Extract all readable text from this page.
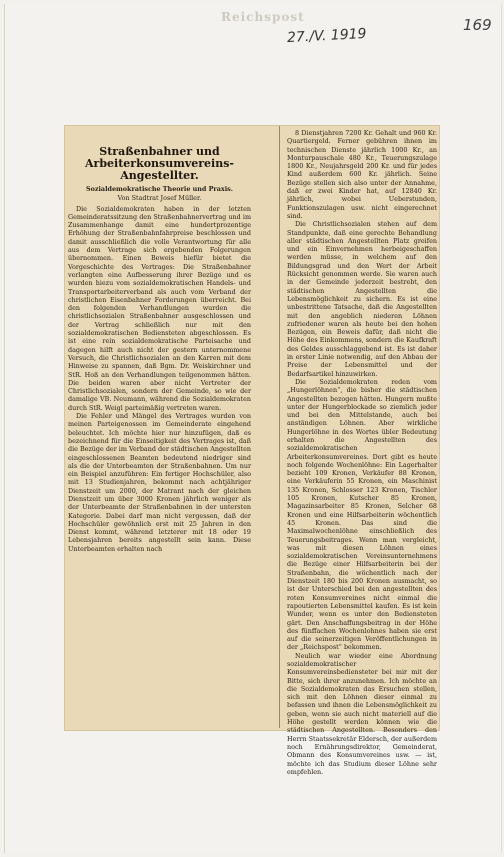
Reichspost
27./V. 1919
169
Straßenbahner und Arbeiterkonsumvereins-Angestellter.

Sozialdemokratische Theorie und Praxis.

Von Stadtrat Josef Müller.

Die Sozialdemokraten haben in der letzten Gemeinderatssitzung den Straßenbahnervertrag und im Zusammenhange damit eine hundertprozentige Erhöhung der Straßenbahnfahrpreise beschlossen und damit ausschließlich die volle Verantwortung für alle aus dem Vertrage sich ergebenden Folgerungen übernommen. Einen Beweis hiefür bietet die Vorgeschichte des Vertrages: Die Straßenbahner verlangten eine Aufbesserung ihrer Bezüge und es wurden hiezu vom sozialdemokratischen Handels- und Transportarbeiterverband als auch vom Verband der christlichen Eisenbahner Forderungen überreicht. Bei den folgenden Verhandlungen wurden die christlichsozialen Straßenbahner ausgeschlossen und der Vertrag schließlich nur mit den sozialdemokratischen Bediensteten abgeschlossen. Es ist eine rein sozialdemokratische Parteisache und dagegen hilft auch nicht der gestern unternommene Versuch, die Christlichsozialen an den Karren mit dem Hinweise zu spannen, daß Bgm. Dr. Weiskirchner und StR. Hoß an den Verhandlungen teilgenommen hätten. Die beiden waren aber nicht Vertreter der Christlichsozialen, sondern der Gemeinde, so wie der damalige VB. Neumann, während die Sozialdemokraten durch StR. Weigl parteimäßig vertreten waren.

Die Fehler und Mängel des Vertrages wurden von meinen Parteigenossen im Gemeinderate eingehend beleuchtet. Ich möchte hier nur hinzufügen, daß es bezeichnend für die Einseitigkeit des Vertrages ist, daß die Bezüge der im Verband der städtischen Angestellten eingeschlossenen Beamten bedeutend niedriger sind als die der Unterbeamten der Straßenbahnen. Um nur ein Beispiel anzuführen: Ein fertiger Hochschüler, also mit 13 Studienjahren, bekommt nach achtjähriger Dienstzeit um 2000, der Matrant nach der gleichen Dienstzeit um über 3000 Kronen jährlich weniger als der Unterbeamte der Straßenbahnen in der untersten Kategorie. Dabei darf man nicht vergessen, daß der Hochschüler gewöhnlich erst mit 25 Jahren in den Dienst kommt, während letzterer mit 18 oder 19 Lebensjahren bereits angestellt sein kann. Diese Unterbeamten erhalten nach

8 Dienstjahren 7200 Kr. Gehalt und 960 Kr. Quartiergeld. Ferner gebühren ihnen im technischen Dienste jährlich 1000 Kr., an Monturpauschale 480 Kr., Teuerungszulage 1800 Kr., Neujahrsgeld 200 Kr. und für jedes Kind außerdem 600 Kr. jährlich. Seine Bezüge stellen sich also unter der Annahme, daß er zwei Kinder hat, auf 12840 Kr. jährlich, wobei Ueberstunden, Funktionszulagen usw. nicht eingerechnet sind.

Die Christlichsozialen stehen auf dem Standpunkte, daß eine gerechte Behandlung aller städtischen Angestellten Platz greifen und ein Einvernehmen herbeigeschaffen werden müsse, in welchem auf den Bildungsgrad und den Wert der Arbeit Rücksicht genommen werde. Sie waren auch in der Gemeinde jederzeit bestrebt, den städtischen Angestellten die Lebensmöglichkeit zu sichern. Es ist eine unbestrittene Tatsache, daß die Angestellten mit den angeblich niederen Löhnen zufriedener waren als heute bei den hohen Bezügen, ein Beweis dafür, daß nicht die Höhe des Einkommens, sondern die Kaufkraft des Geldes ausschlaggebend ist. Es ist daher in erster Linie notwendig, auf den Abbau der Preise der Lebensmittel und der Bedarfsartikel hinzuwirken.

Die Sozialdemokraten reden vom „Hungerlöhnen“, die bisher die städtischen Angestellten bezogen hätten. Hungern mußte unter der Hungerblockade so ziemlich jeder und bei den Mittelstande, auch bei anständigen Löhnen. Aber wirkliche Hungerlöhne in des Wortes übler Bedeutung erhalten die Angestellten des sozialdemokratischen Arbeiterkonsumvereines. Dort gibt es heute noch folgende Wochenlöhne: Ein Lagerhalter bezieht 109 Kronen, Verkäufer 88 Kronen, eine Verkäuferin 55 Kronen, ein Maschinist 135 Kronen, Schlosser 123 Kronen, Tischler 105 Kronen, Kutscher 85 Kronen, Magazinsarbeiter 85 Kronen, Selcher 68 Kronen und eine Hilfsarbeiterin wöchentlich 45 Kronen. Das sind die Maximalwochenlöhne einschließlich des Teuerungsbeitrages. Wenn man vergleicht, was mit diesen Löhnen eines sozialdemokratischen Vereinsunternehmens die Bezüge einer Hilfsarbeiterin bei der Straßenbahn, die wöchentlich nach der Dienstzeit 180 bis 200 Kronen ausmacht, so ist der Unterschied bei den angestellten des roten Konsumvereines nicht einmal die rapoutierten Lebensmittel kaufen. Es ist kein Wunder, wenn es unter den Bediensteten gärt. Den Anschaffungsbeitrag in der Höhe des fünffachen Wochenlohnes haben sie erst auf die seinerzeitigen Veröffentlichungen in der „Reichspost“ bekommen.

Neulich war wieder eine Abordnung sozialdemokratischer Konsumvereinsbediensteter bei mir mit der Bitte, sich ihrer anzunehmen. Ich möchte an die Sozialdemokraten das Ersuchen stellen, sich mit den Löhnen dieser einmal zu befassen und ihnen die Lebensmöglichkeit zu geben, wenn sie auch nicht materiell auf die Höhe gestellt werden können wie die städtischen Angestellten. Besonders den Herrn Staatssekretär Eldersch, der außerdem noch Ernährungsdirektor, Gemeinderat, Obmann des Konsumvereines usw. — ist, möchte ich das Studium dieser Löhne sehr empfehlen.
